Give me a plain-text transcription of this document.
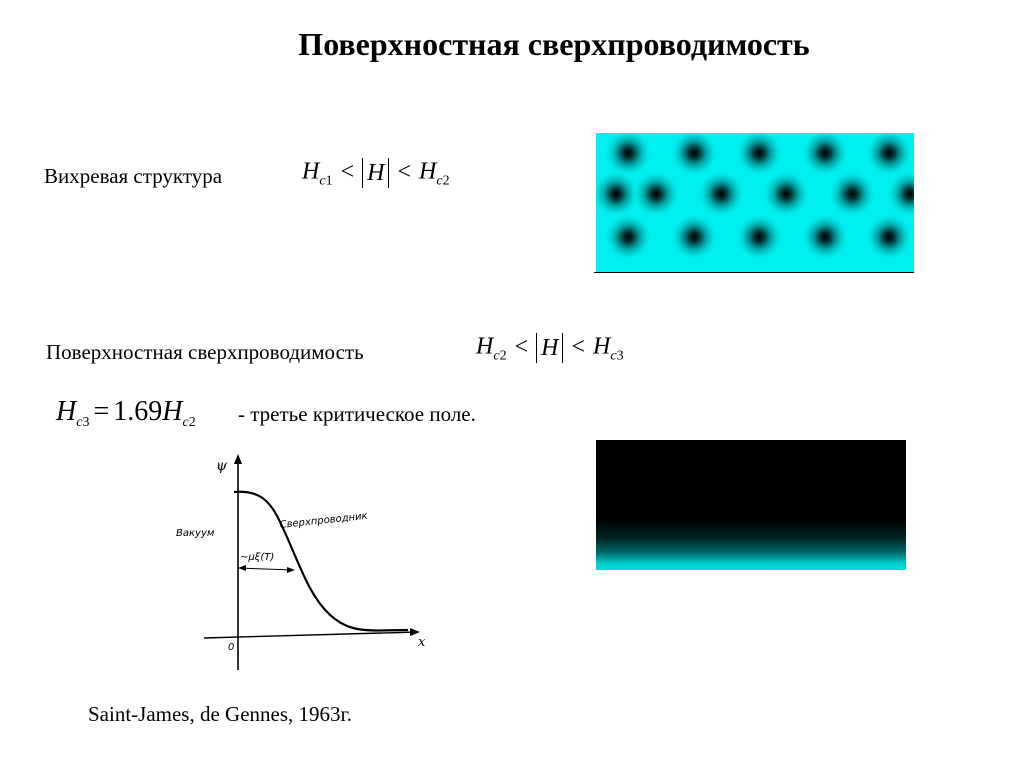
Поверхностная сверхпроводимость
Вихревая структура	$H_{c1} < H < H_{c2}$
Поверхностная сверхпроводимость	$H_{c2} < H < H_{c3}$
$H_{c3} = 1.69H_{c2}$ - третье критическое поле.
ψ
x
0
Вакуум
Сверхпроводник
~μξ(T)
Saint-James, de Gennes, 1963г.
